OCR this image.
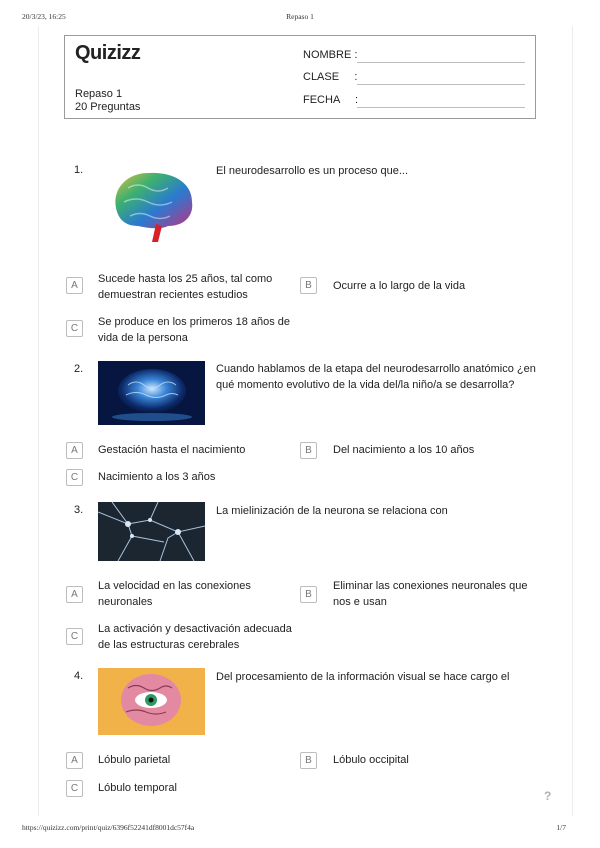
20/3/23, 16:25	Repaso 1
Quizizz
Repaso 1
20 Preguntas
NOMBRE :
CLASE     :
FECHA     :
1.	El neurodesarrollo es un proceso que...
A
Sucede hasta los 25 años, tal como demuestran recientes estudios
B	Ocurre a lo largo de la vida
C
Se produce en los primeros 18 años de vida de la persona
2.	Cuando hablamos de la etapa del neurodesarrollo anatómico ¿en qué momento evolutivo de la vida del/la niño/a se desarrolla?
A	Gestación hasta el nacimiento	B	Del nacimiento a los 10 años
C	Nacimiento a los 3 años
3.	La mielinización de la neurona se relaciona con
A
La velocidad en las conexiones neuronales
B
Eliminar las conexiones neuronales que nos e usan
C
La activación y desactivación adecuada de las estructuras cerebrales
4.	Del procesamiento de la información visual se hace cargo el
A	Lóbulo parietal	B	Lóbulo occipital
C	Lóbulo temporal
?
https://quizizz.com/print/quiz/6396f52241df8001dc57f4a	1/7
